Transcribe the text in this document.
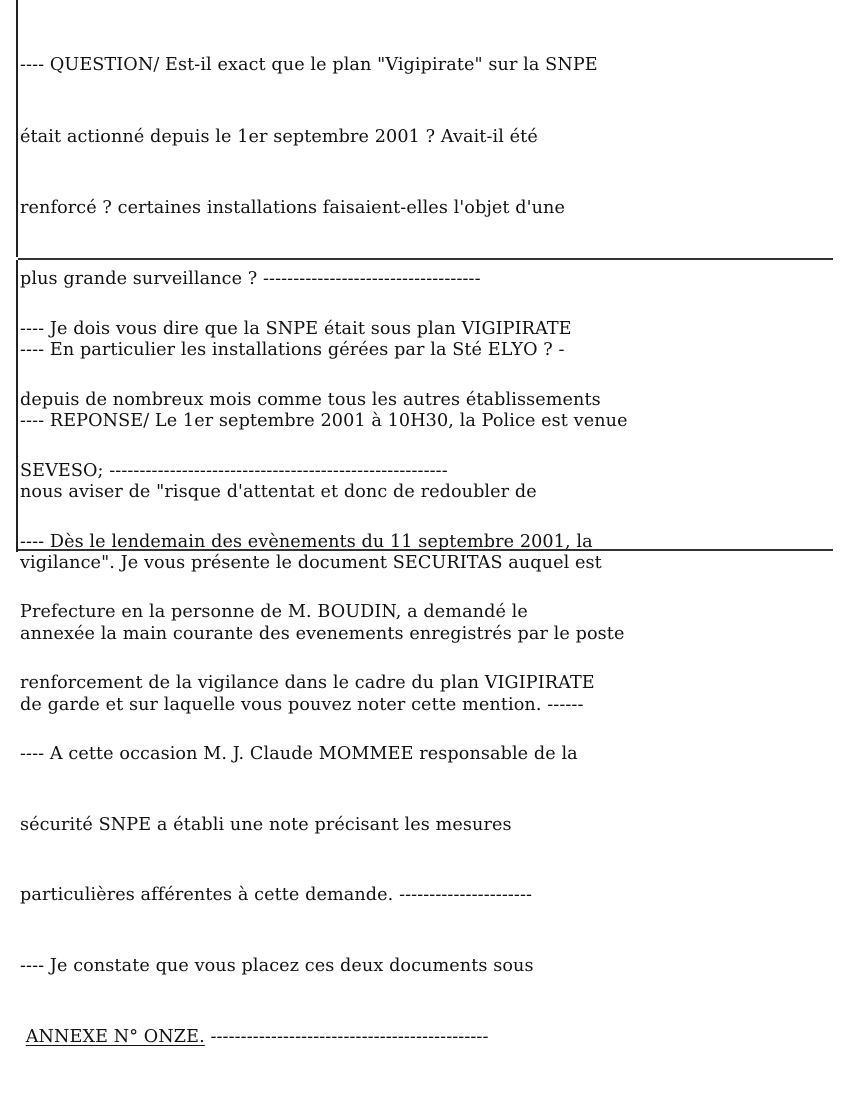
---- QUESTION/ Est-il exact que le plan "Vigipirate" sur la SNPE

était actionné depuis le 1er septembre 2001 ? Avait-il été

renforcé ? certaines installations faisaient-elles l'objet d'une

plus grande surveillance ? ------------------------------------

---- En particulier les installations gérées par la Sté ELYO ? -

---- REPONSE/ Le 1er septembre 2001 à 10H30, la Police est venue

nous aviser de "risque d'attentat et donc de redoubler de

vigilance". Je vous présente le document SECURITAS auquel est

annexée la main courante des evenements enregistrés par le poste

de garde et sur laquelle vous pouvez noter cette mention. ------

---- Je dois vous dire que la SNPE était sous plan VIGIPIRATE

depuis de nombreux mois comme tous les autres établissements

SEVESO; --------------------------------------------------------

---- Dès le lendemain des evènements du 11 septembre 2001, la

Prefecture en la personne de M. BOUDIN, a demandé le

renforcement de la vigilance dans le cadre du plan VIGIPIRATE

---- A cette occasion M. J. Claude MOMMEE responsable de la

sécurité SNPE a établi une note précisant les mesures

particulières afférentes à cette demande. ----------------------

---- Je constate que vous placez ces deux documents sous

ANNEXE N° ONZE. ----------------------------------------------
